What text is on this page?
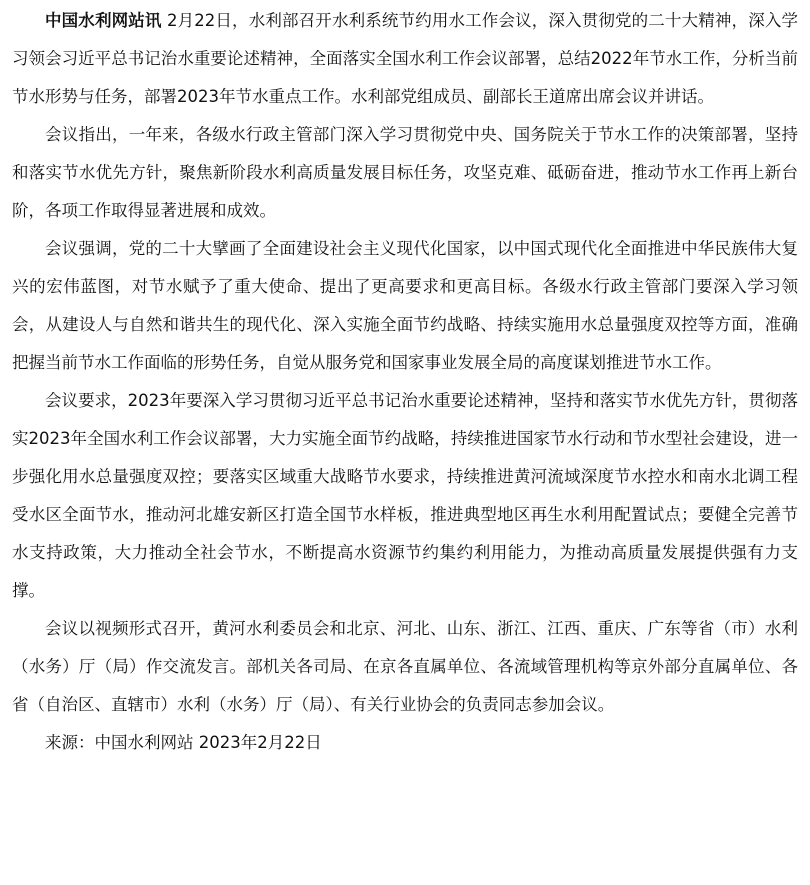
中国水利网站讯 2月22日，水利部召开水利系统节约用水工作会议，深入贯彻党的二十大精神，深入学习领会习近平总书记治水重要论述精神，全面落实全国水利工作会议部署，总结2022年节水工作，分析当前节水形势与任务，部署2023年节水重点工作。水利部党组成员、副部长王道席出席会议并讲话。

会议指出，一年来，各级水行政主管部门深入学习贯彻党中央、国务院关于节水工作的决策部署，坚持和落实节水优先方针，聚焦新阶段水利高质量发展目标任务，攻坚克难、砥砺奋进，推动节水工作再上新台阶，各项工作取得显著进展和成效。

会议强调，党的二十大擘画了全面建设社会主义现代化国家，以中国式现代化全面推进中华民族伟大复兴的宏伟蓝图，对节水赋予了重大使命、提出了更高要求和更高目标。各级水行政主管部门要深入学习领会，从建设人与自然和谐共生的现代化、深入实施全面节约战略、持续实施用水总量强度双控等方面，准确把握当前节水工作面临的形势任务，自觉从服务党和国家事业发展全局的高度谋划推进节水工作。

会议要求，2023年要深入学习贯彻习近平总书记治水重要论述精神，坚持和落实节水优先方针，贯彻落实2023年全国水利工作会议部署，大力实施全面节约战略，持续推进国家节水行动和节水型社会建设，进一步强化用水总量强度双控；要落实区域重大战略节水要求，持续推进黄河流域深度节水控水和南水北调工程受水区全面节水，推动河北雄安新区打造全国节水样板，推进典型地区再生水利用配置试点；要健全完善节水支持政策，大力推动全社会节水，不断提高水资源节约集约利用能力，为推动高质量发展提供强有力支撑。

会议以视频形式召开，黄河水利委员会和北京、河北、山东、浙江、江西、重庆、广东等省（市）水利（水务）厅（局）作交流发言。部机关各司局、在京各直属单位、各流域管理机构等京外部分直属单位、各省（自治区、直辖市）水利（水务）厅（局）、有关行业协会的负责同志参加会议。

来源：中国水利网站 2023年2月22日
